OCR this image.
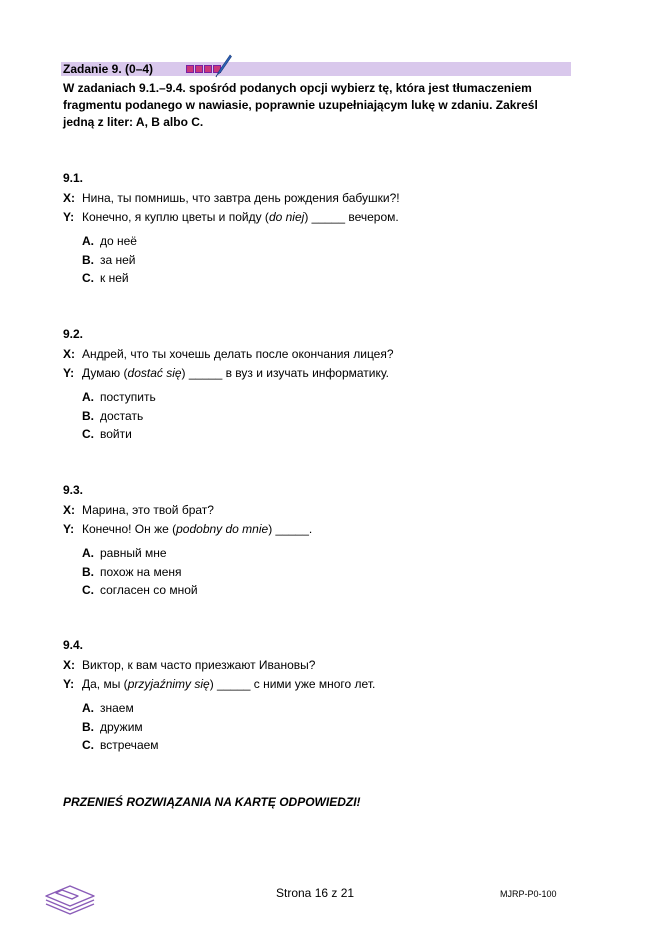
Zadanie 9. (0–4)
W zadaniach 9.1.–9.4. spośród podanych opcji wybierz tę, która jest tłumaczeniem fragmentu podanego w nawiasie, poprawnie uzupełniającym lukę w zdaniu. Zakreśl jedną z liter: A, B albo C.
9.1.
X: Нина, ты помнишь, что завтра день рождения бабушки?!
Y: Конечно, я куплю цветы и пойду (do niej) _____ вечером.
A. до неё
B. за ней
C. к ней
9.2.
X: Андрей, что ты хочешь делать после окончания лицея?
Y: Думаю (dostać się) _____ в вуз и изучать информатику.
A. поступить
B. достать
C. войти
9.3.
X: Марина, это твой брат?
Y: Конечно! Он же (podobny do mnie) _____.
A. равный мне
B. похож на меня
C. согласен со мной
9.4.
X: Виктор, к вам часто приезжают Ивановы?
Y: Да, мы (przyjaźnimy się) _____ с ними уже много лет.
A. знаем
B. дружим
C. встречаем
PRZENIEŚ ROZWIĄZANIA NA KARTĘ ODPOWIEDZI!
Strona 16 z 21	MJRP-P0-100
